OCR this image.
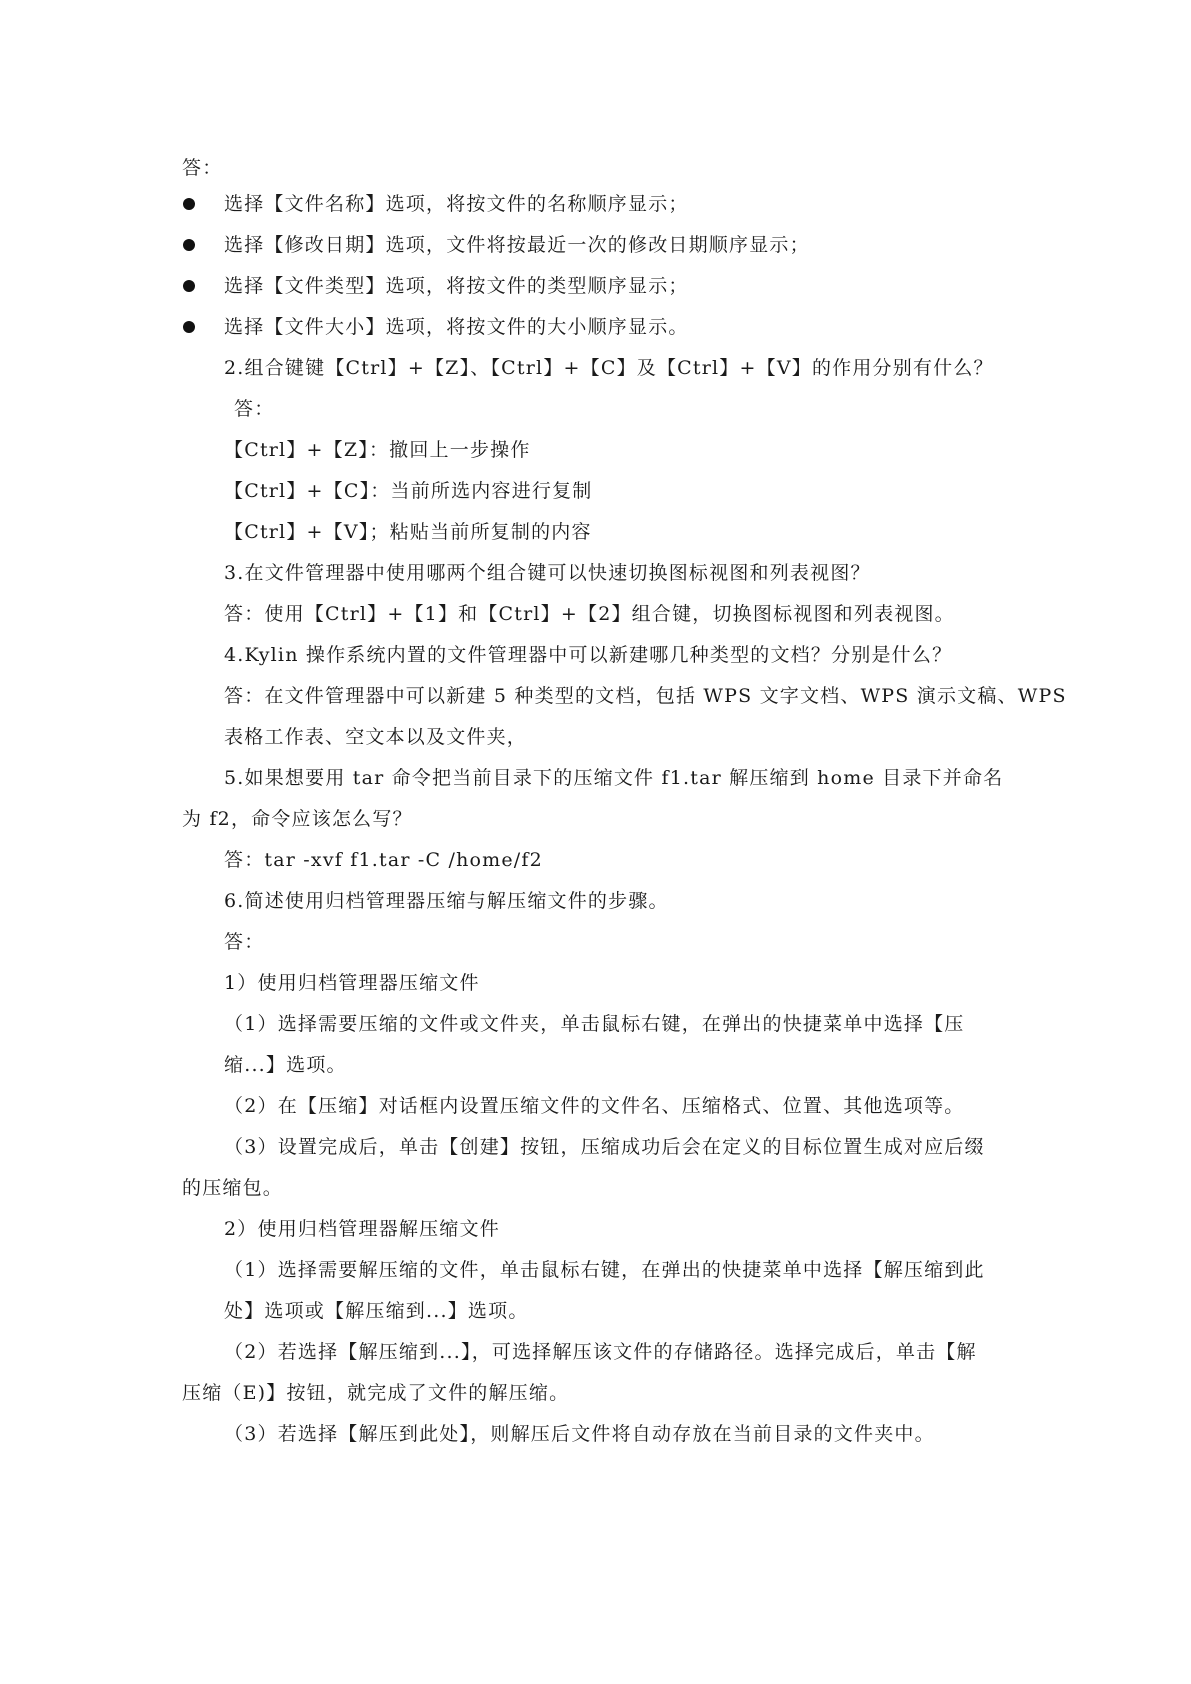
答：
选择【文件名称】选项，将按文件的名称顺序显示；
选择【修改日期】选项，文件将按最近一次的修改日期顺序显示；
选择【文件类型】选项，将按文件的类型顺序显示；
选择【文件大小】选项，将按文件的大小顺序显示。
2.组合键键【Ctrl】+【Z】、【Ctrl】+【C】及【Ctrl】+【V】的作用分别有什么？
答：
【Ctrl】+【Z】：撤回上一步操作
【Ctrl】+【C】：当前所选内容进行复制
【Ctrl】+【V】；粘贴当前所复制的内容
3.在文件管理器中使用哪两个组合键可以快速切换图标视图和列表视图？
答：使用【Ctrl】+【1】和【Ctrl】+【2】组合键，切换图标视图和列表视图。
4.Kylin 操作系统内置的文件管理器中可以新建哪几种类型的文档？分别是什么？
答：在文件管理器中可以新建 5 种类型的文档，包括 WPS 文字文档、WPS 演示文稿、WPS
表格工作表、空文本以及文件夹，
5.如果想要用 tar 命令把当前目录下的压缩文件 f1.tar 解压缩到 home 目录下并命名
为 f2，命令应该怎么写？
答：tar -xvf f1.tar -C /home/f2
6.简述使用归档管理器压缩与解压缩文件的步骤。
答：
1）使用归档管理器压缩文件
（1）选择需要压缩的文件或文件夹，单击鼠标右键，在弹出的快捷菜单中选择【压
缩...】选项。
（2）在【压缩】对话框内设置压缩文件的文件名、压缩格式、位置、其他选项等。
（3）设置完成后，单击【创建】按钮，压缩成功后会在定义的目标位置生成对应后缀
的压缩包。
2）使用归档管理器解压缩文件
（1）选择需要解压缩的文件，单击鼠标右键，在弹出的快捷菜单中选择【解压缩到此
处】选项或【解压缩到...】选项。
（2）若选择【解压缩到...】，可选择解压该文件的存储路径。选择完成后，单击【解
压缩（E)】按钮，就完成了文件的解压缩。
（3）若选择【解压到此处】，则解压后文件将自动存放在当前目录的文件夹中。
